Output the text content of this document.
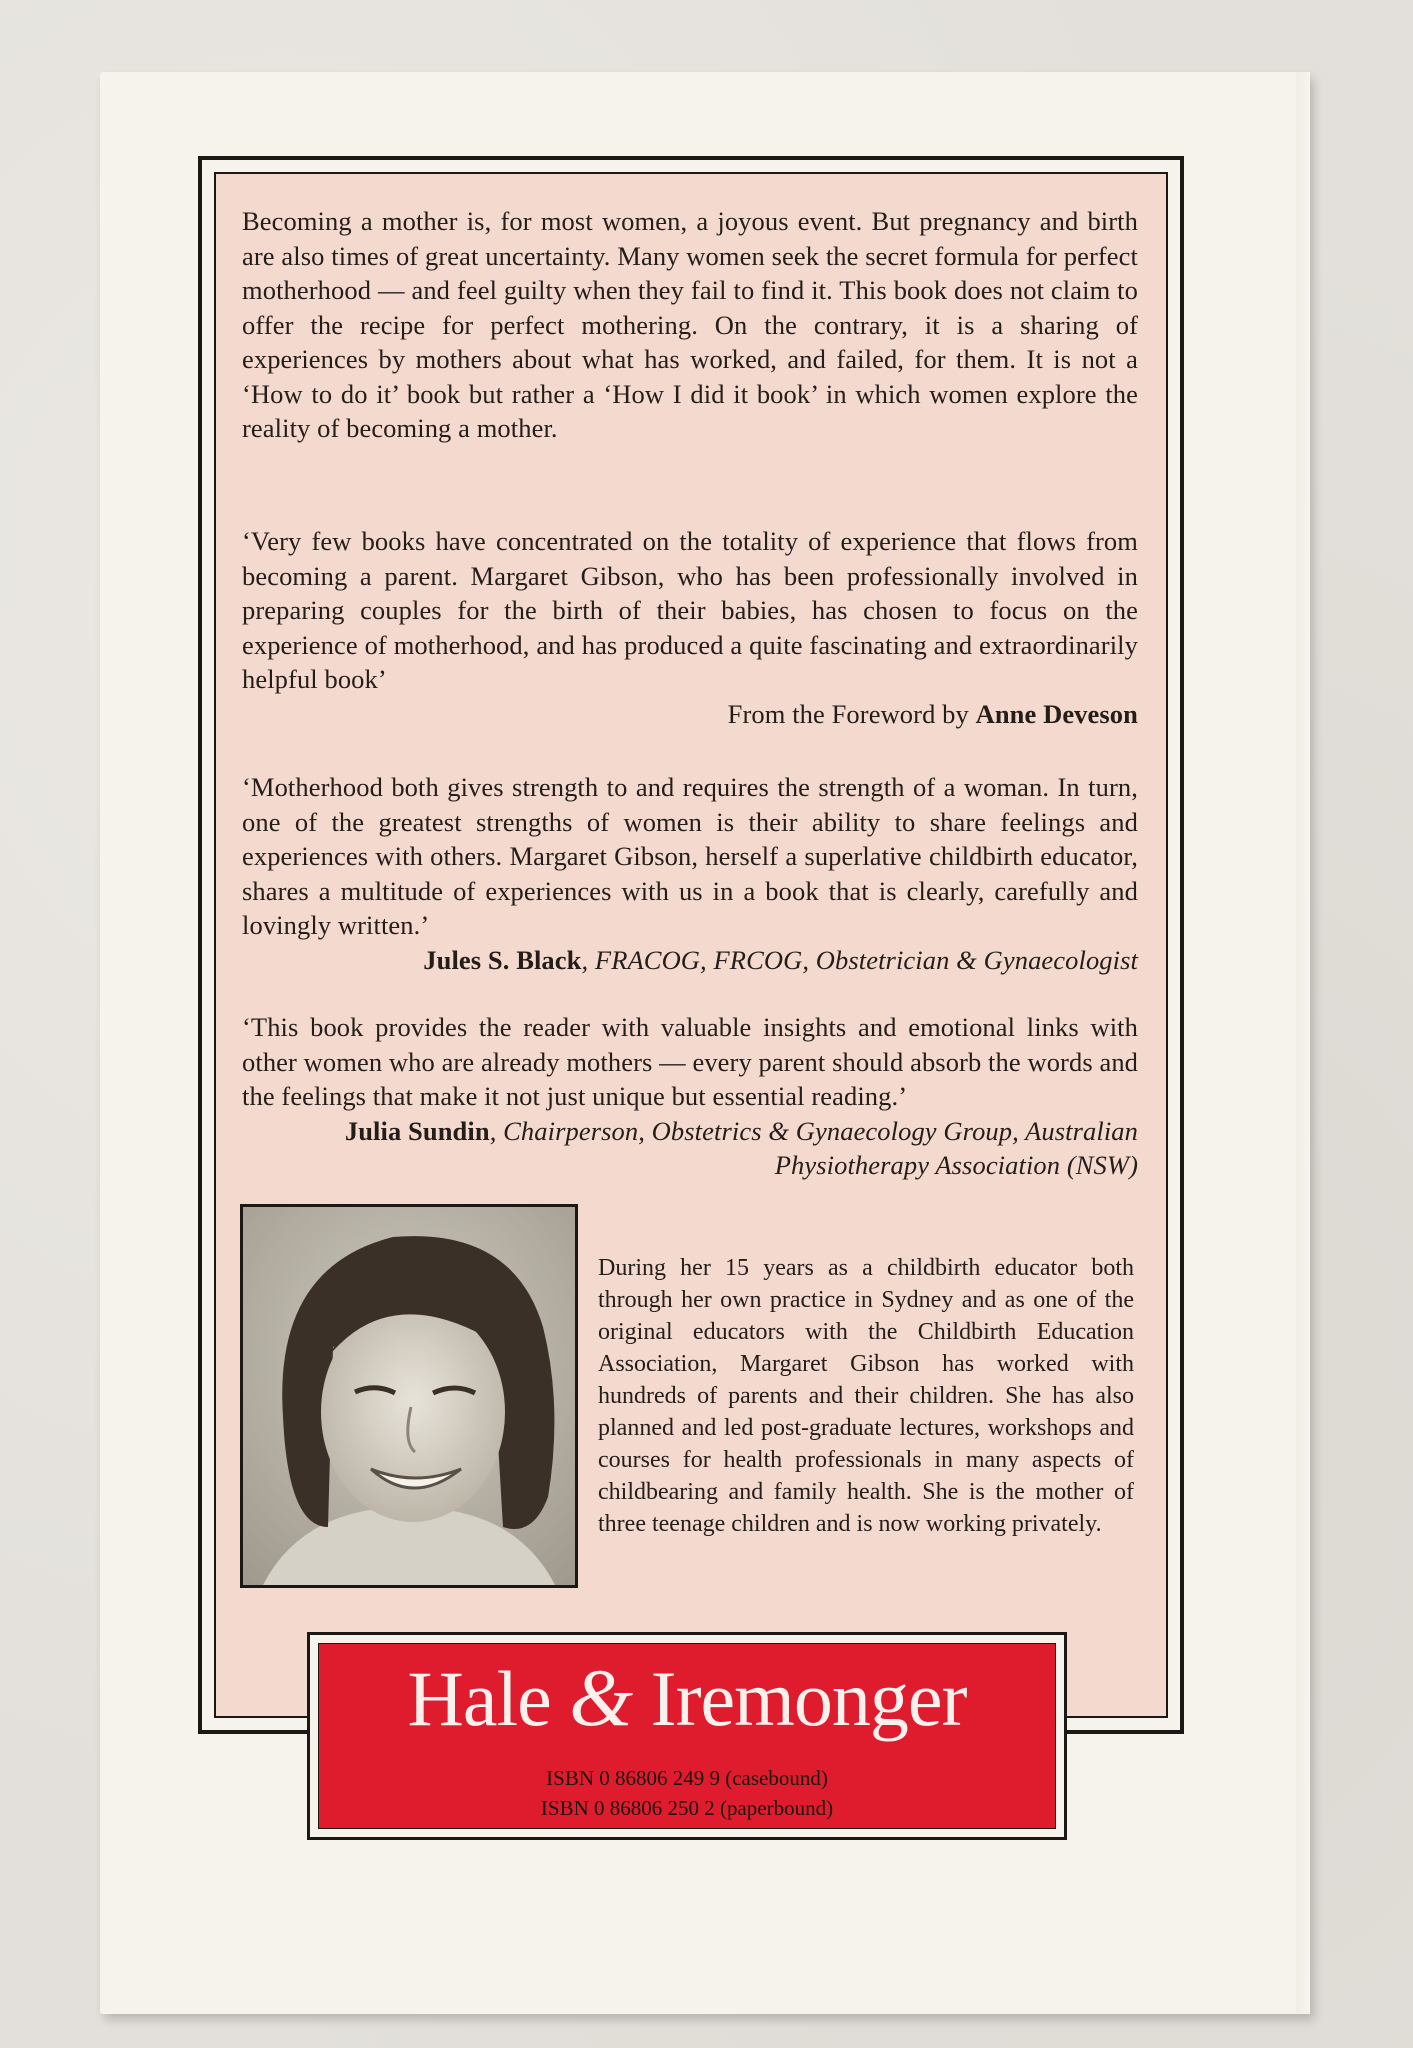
Becoming a mother is, for most women, a joyous event. But pregnancy and birth are also times of great uncertainty. Many women seek the secret formula for perfect motherhood — and feel guilty when they fail to find it. This book does not claim to offer the recipe for perfect mothering. On the contrary, it is a sharing of experiences by mothers about what has worked, and failed, for them. It is not a ‘How to do it’ book but rather a ‘How I did it book’ in which women explore the reality of becoming a mother.
‘Very few books have concentrated on the totality of experience that flows from becoming a parent. Margaret Gibson, who has been professionally involved in preparing couples for the birth of their babies, has chosen to focus on the experience of motherhood, and has produced a quite fascinating and extraordinarily helpful book’
From the Foreword by Anne Deveson
‘Motherhood both gives strength to and requires the strength of a woman. In turn, one of the greatest strengths of women is their ability to share feelings and experiences with others. Margaret Gibson, herself a superlative childbirth educator, shares a multitude of experiences with us in a book that is clearly, carefully and lovingly written.’
Jules S. Black, FRACOG, FRCOG, Obstetrician & Gynaecologist
‘This book provides the reader with valuable insights and emotional links with other women who are already mothers — every parent should absorb the words and the feelings that make it not just unique but essential reading.’
Julia Sundin, Chairperson, Obstetrics & Gynaecology Group, Australian Physiotherapy Association (NSW)
During her 15 years as a childbirth educator both through her own practice in Sydney and as one of the original educators with the Childbirth Education Association, Margaret Gibson has worked with hundreds of parents and their children. She has also planned and led post-graduate lectures, workshops and courses for health professionals in many aspects of childbearing and family health. She is the mother of three teenage children and is now working privately.
Hale & Iremonger
ISBN 0 86806 249 9 (casebound)
ISBN 0 86806 250 2 (paperbound)
